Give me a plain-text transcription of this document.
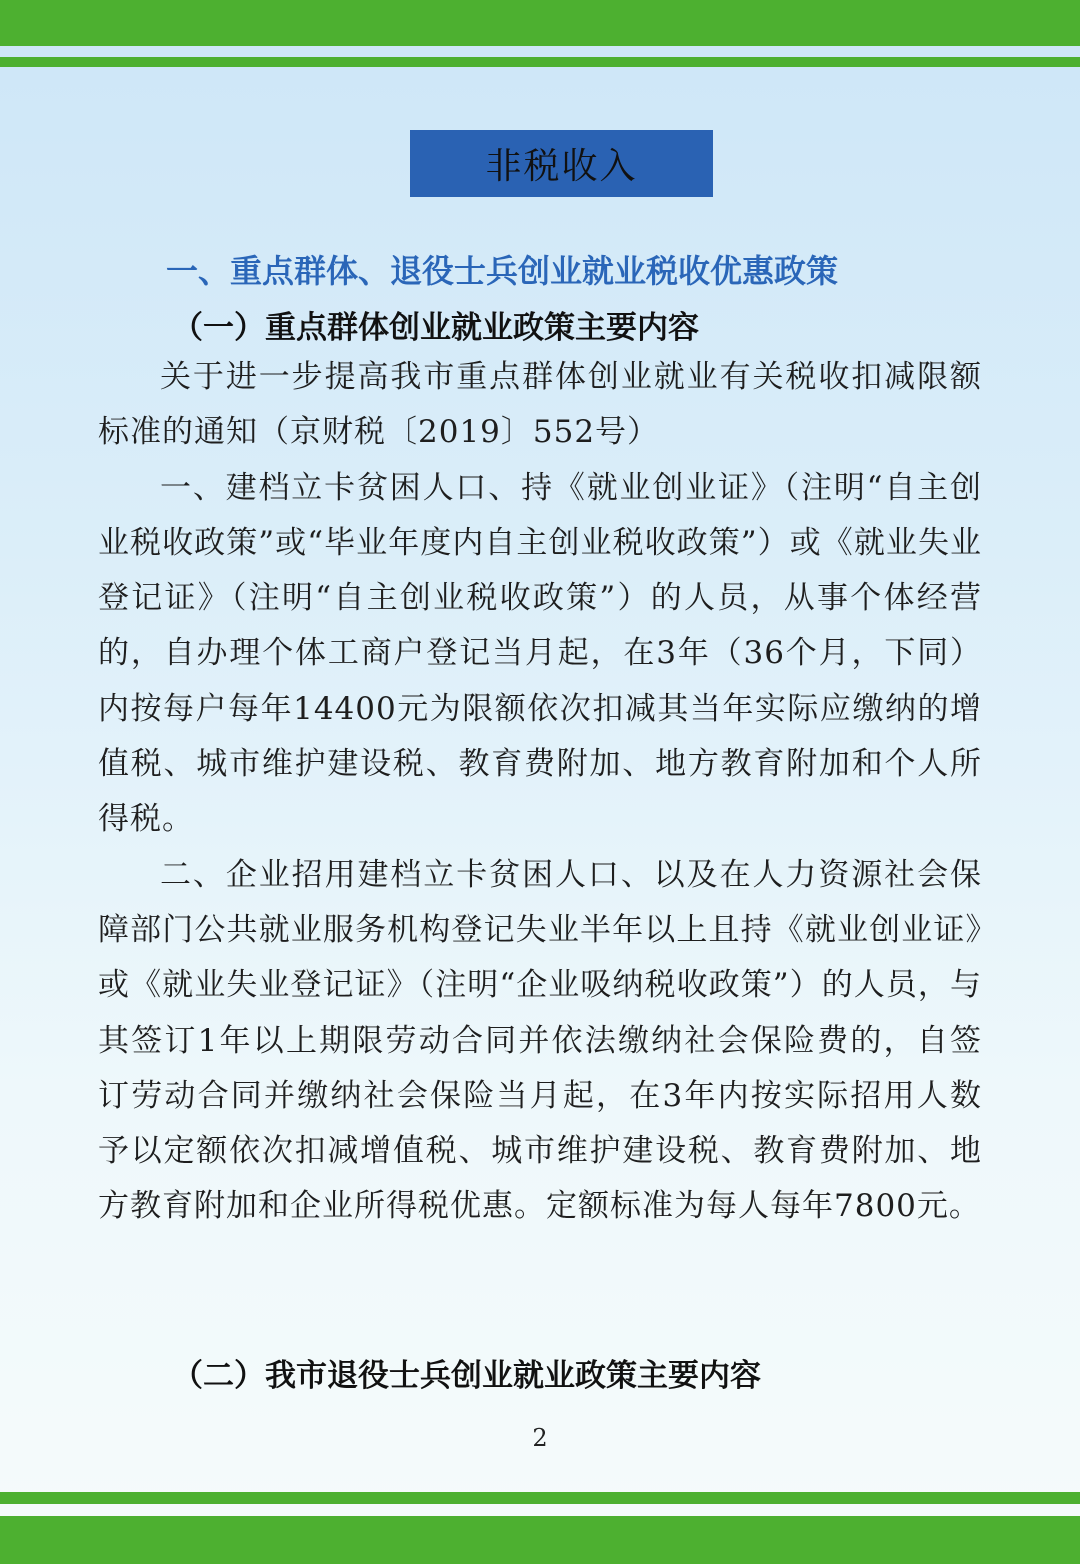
非税收入
一、重点群体、退役士兵创业就业税收优惠政策
（一）重点群体创业就业政策主要内容

关于进一步提高我市重点群体创业就业有关税收扣减限额标准的通知（京财税〔2019〕552号）

一、建档立卡贫困人口、持《就业创业证》（注明“自主创业税收政策”或“毕业年度内自主创业税收政策”）或《就业失业登记证》（注明“自主创业税收政策”）的人员，从事个体经营的，自办理个体工商户登记当月起，在3年（36个月，下同）内按每户每年14400元为限额依次扣减其当年实际应缴纳的增值税、城市维护建设税、教育费附加、地方教育附加和个人所得税。

二、企业招用建档立卡贫困人口、以及在人力资源社会保障部门公共就业服务机构登记失业半年以上且持《就业创业证》或《就业失业登记证》（注明“企业吸纳税收政策”）的人员，与其签订1年以上期限劳动合同并依法缴纳社会保险费的，自签订劳动合同并缴纳社会保险当月起，在3年内按实际招用人数予以定额依次扣减增值税、城市维护建设税、教育费附加、地方教育附加和企业所得税优惠。定额标准为每人每年7800元。

（二）我市退役士兵创业就业政策主要内容
2
